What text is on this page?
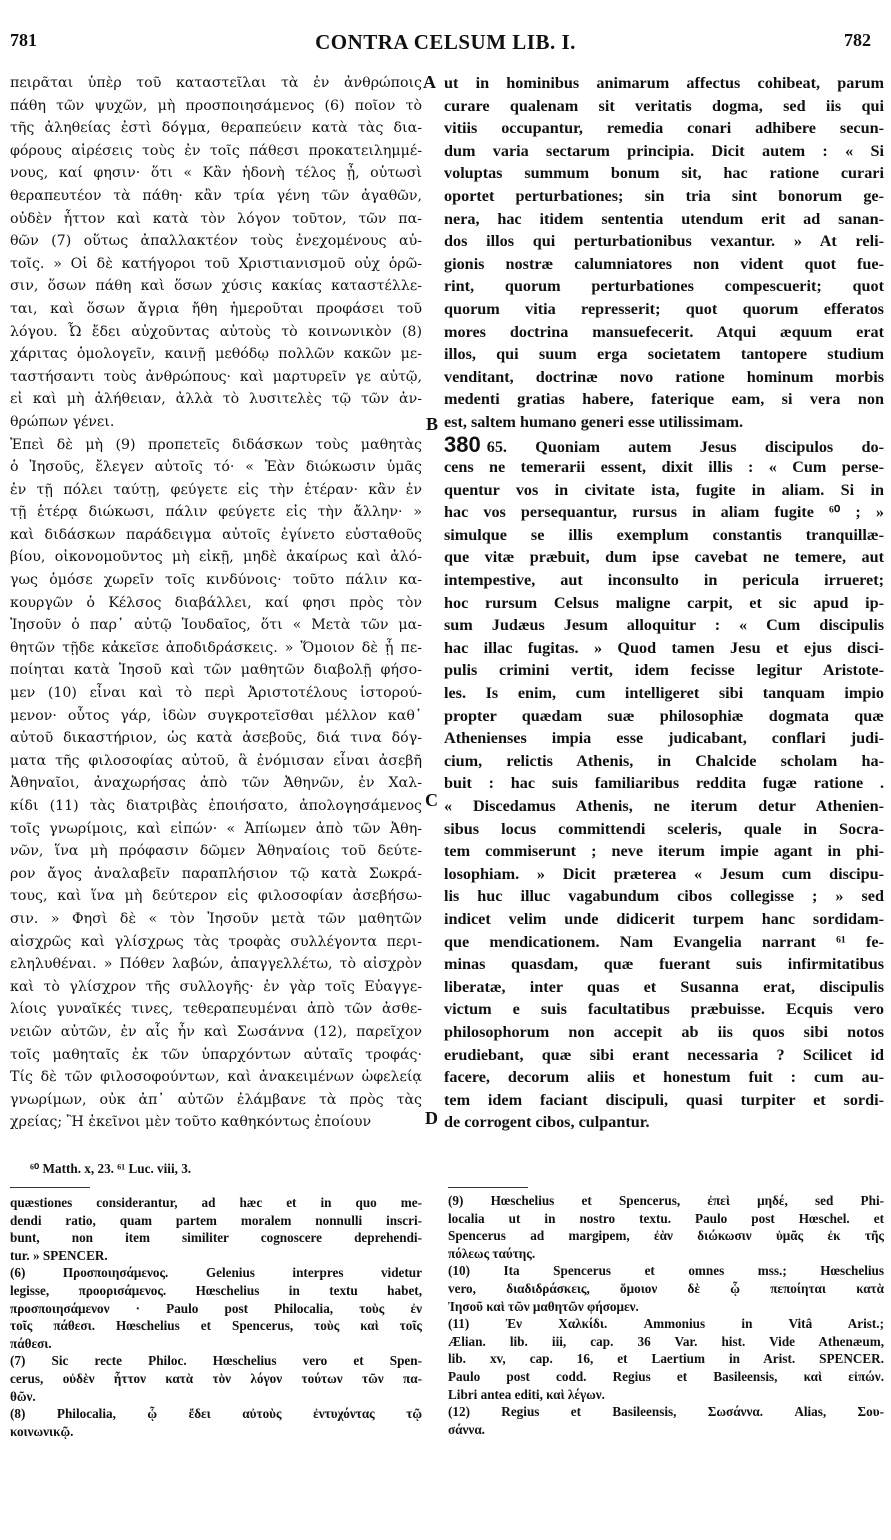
781	CONTRA CELSUM LIB. I.	782
πειρᾶται ὑπὲρ τοῦ καταστεῖλαι τὰ ἐν ἀνθρώποις
πάθη τῶν ψυχῶν, μὴ προσποιησάμενος (6) ποῖον τὸ
τῆς ἀληθείας ἐστὶ δόγμα, θεραπεύειν κατὰ τὰς δια-
φόρους αἱρέσεις τοὺς ἐν τοῖς πάθεσι προκατειλημμέ-
νους, καί φησιν· ὅτι « Κἂν ἡδονὴ τέλος ᾖ, οὑτωσὶ
θεραπευτέον τὰ πάθη· κἂν τρία γένη τῶν ἀγαθῶν,
οὐδὲν ἧττον καὶ κατὰ τὸν λόγον τοῦτον, τῶν πα-
θῶν (7) οὕτως ἀπαλλακτέον τοὺς ἐνεχομένους αὐ-
τοῖς. » Οἱ δὲ κατήγοροι τοῦ Χριστιανισμοῦ οὐχ ὁρῶ-
σιν, ὅσων πάθη καὶ ὅσων χύσις κακίας καταστέλλε-
ται, καὶ ὅσων ἄγρια ἤθη ἡμεροῦται προφάσει τοῦ
λόγου. Ὦ ἔδει αὐχοῦντας αὐτοὺς τὸ κοινωνικὸν (8)
χάριτας ὁμολογεῖν, καινῇ μεθόδῳ πολλῶν κακῶν με-
ταστήσαντι τοὺς ἀνθρώπους· καὶ μαρτυρεῖν γε αὐτῷ,
εἰ καὶ μὴ ἀλήθειαν, ἀλλὰ τὸ λυσιτελὲς τῷ τῶν ἀν-
θρώπων γένει.
Ἐπεὶ δὲ μὴ (9) προπετεῖς διδάσκων τοὺς μαθητὰς
ὁ Ἰησοῦς, ἔλεγεν αὐτοῖς τό· « Ἐὰν διώκωσιν ὑμᾶς
ἐν τῇ πόλει ταύτῃ, φεύγετε εἰς τὴν ἑτέραν· κἂν ἐν
τῇ ἑτέρᾳ διώκωσι, πάλιν φεύγετε εἰς τὴν ἄλλην· »
καὶ διδάσκων παράδειγμα αὐτοῖς ἐγίνετο εὐσταθοῦς
βίου, οἰκονομοῦντος μὴ εἰκῇ, μηδὲ ἀκαίρως καὶ ἀλό-
γως ὁμόσε χωρεῖν τοῖς κινδύνοις· τοῦτο πάλιν κα-
κουργῶν ὁ Κέλσος διαβάλλει, καί φησι πρὸς τὸν
Ἰησοῦν ὁ παρ᾽ αὐτῷ Ἰουδαῖος, ὅτι « Μετὰ τῶν μα-
θητῶν τῇδε κἀκεῖσε ἀποδιδράσκεις. » Ὅμοιον δὲ ᾗ πε-
ποίηται κατὰ Ἰησοῦ καὶ τῶν μαθητῶν διαβολῇ φήσο-
μεν (10) εἶναι καὶ τὸ περὶ Ἀριστοτέλους ἱστορού-
μενον· οὗτος γάρ, ἰδὼν συγκροτεῖσθαι μέλλον καθ᾽
αὐτοῦ δικαστήριον, ὡς κατὰ ἀσεβοῦς, διά τινα δόγ-
ματα τῆς φιλοσοφίας αὐτοῦ, ἃ ἐνόμισαν εἶναι ἀσεβῆ
Ἀθηναῖοι, ἀναχωρήσας ἀπὸ τῶν Ἀθηνῶν, ἐν Χαλ-
κίδι (11) τὰς διατριβὰς ἐποιήσατο, ἀπολογησάμενος
τοῖς γνωρίμοις, καὶ εἰπών· « Ἀπίωμεν ἀπὸ τῶν Ἀθη-
νῶν, ἵνα μὴ πρόφασιν δῶμεν Ἀθηναίοις τοῦ δεύτε-
ρον ἄγος ἀναλαβεῖν παραπλήσιον τῷ κατὰ Σωκρά-
τους, καὶ ἵνα μὴ δεύτερον εἰς φιλοσοφίαν ἀσεβήσω-
σιν. » Φησὶ δὲ « τὸν Ἰησοῦν μετὰ τῶν μαθητῶν
αἰσχρῶς καὶ γλίσχρως τὰς τροφὰς συλλέγοντα περι-
εληλυθέναι. » Πόθεν λαβών, ἀπαγγελλέτω, τὸ αἰσχρὸν
καὶ τὸ γλίσχρον τῆς συλλογῆς· ἐν γὰρ τοῖς Εὐαγγε-
λίοις γυναῖκές τινες, τεθεραπευμέναι ἀπὸ τῶν ἀσθε-
νειῶν αὐτῶν, ἐν αἷς ἦν καὶ Σωσάννα (12), παρεῖχον
τοῖς μαθηταῖς ἐκ τῶν ὑπαρχόντων αὐταῖς τροφάς·
Τίς δὲ τῶν φιλοσοφούντων, καὶ ἀνακειμένων ὠφελείᾳ
γνωρίμων, οὐκ ἀπ᾽ αὐτῶν ἐλάμβανε τὰ πρὸς τὰς
χρείας; Ἢ ἐκεῖνοι μὲν τοῦτο καθηκόντως ἐποίουν
A
B
C
D
ut in hominibus animarum affectus cohibeat, parum
curare qualenam sit veritatis dogma, sed iis qui
vitiis occupantur, remedia conari adhibere secun-
dum varia sectarum principia. Dicit autem : « Si
voluptas summum bonum sit, hac ratione curari
oportet perturbationes; sin tria sint bonorum ge-
nera, hac itidem sententia utendum erit ad sanan-
dos illos qui perturbationibus vexantur. » At reli-
gionis nostræ calumniatores non vident quot fue-
rint, quorum perturbationes compescuerit; quot
quorum vitia represserit; quot quorum efferatos
mores doctrina mansuefecerit. Atqui æquum erat
illos, qui suum erga societatem tantopere studium
venditant, doctrinæ novo ratione hominum morbis
medenti gratias habere, faterique eam, si vera non
est, saltem humano generi esse utilissimam.
380 65. Quoniam autem Jesus discipulos do-
cens ne temerarii essent, dixit illis : « Cum perse-
quentur vos in civitate ista, fugite in aliam. Si in
hac vos persequantur, rursus in aliam fugite ⁶⁰ ; »
simulque se illis exemplum constantis tranquillæ-
que vitæ præbuit, dum ipse cavebat ne temere, aut
intempestive, aut inconsulto in pericula irrueret;
hoc rursum Celsus maligne carpit, et sic apud ip-
sum Judæus Jesum alloquitur : « Cum discipulis
hac illac fugitas. » Quod tamen Jesu et ejus disci-
pulis crimini vertit, idem fecisse legitur Aristote-
les. Is enim, cum intelligeret sibi tanquam impio
propter quædam suæ philosophiæ dogmata quæ
Athenienses impia esse judicabant, conflari judi-
cium, relictis Athenis, in Chalcide scholam ha-
buit : hac suis familiaribus reddita fugæ ratione .
« Discedamus Athenis, ne iterum detur Athenien-
sibus locus committendi sceleris, quale in Socra-
tem commiserunt ; neve iterum impie agant in phi-
losophiam. » Dicit præterea « Jesum cum discipu-
lis huc illuc vagabundum cibos collegisse ; » sed
indicet velim unde didicerit turpem hanc sordidam-
que mendicationem. Nam Evangelia narrant ⁶¹ fe-
minas quasdam, quæ fuerant suis infirmitatibus
liberatæ, inter quas et Susanna erat, discipulis
victum e suis facultatibus præbuisse. Ecquis vero
philosophorum non accepit ab iis quos sibi notos
erudiebant, quæ sibi erant necessaria ? Scilicet id
facere, decorum aliis et honestum fuit : cum au-
tem idem faciant discipuli, quasi turpiter et sordi-
de corrogent cibos, culpantur.
⁶⁰ Matth. x, 23. ⁶¹ Luc. viii, 3.
quæstiones considerantur, ad hæc et in quo me-
dendi ratio, quam partem moralem nonnulli inscri-
bunt, non item similiter cognoscere deprehendi-
tur. » SPENCER.
(6) Προσποιησάμενος. Gelenius interpres videtur
legisse, προορισάμενος. Hœschelius in textu habet,
προσποιησάμενον · Paulo post Philocalia, τοὺς ἐν
τοῖς πάθεσι. Hœschelius et Spencerus, τοὺς καὶ τοῖς
πάθεσι.
(7) Sic recte Philoc. Hœschelius vero et Spen-
cerus, οὐδὲν ἧττον κατὰ τὸν λόγον τούτων τῶν πα-
θῶν.
(8) Philocalia, ᾧ ἔδει αὐτοὺς ἐντυχόντας τῷ
κοινωνικῷ.
(9) Hœschelius et Spencerus, ἐπεὶ μηδέ, sed Phi-
localia ut in nostro textu. Paulo post Hœschel. et
Spencerus ad margipem, ἐὰν διώκωσιν ὑμᾶς ἐκ τῆς
πόλεως ταύτης.
(10) Ita Spencerus et omnes mss.; Hœschelius
vero, διαδιδράσκεις, ὅμοιον δὲ ᾧ πεποίηται κατὰ
Ἰησοῦ καὶ τῶν μαθητῶν φήσομεν.
(11) Ἐν Χαλκίδι. Ammonius in Vitâ Arist.;
Ælian. lib. iii, cap. 36 Var. hist. Vide Athenæum,
lib. xv, cap. 16, et Laertium in Arist. SPENCER.
Paulo post codd. Regius et Basileensis, καὶ εἰπών.
Libri antea editi, καὶ λέγων.
(12) Regius et Basileensis, Σωσάννα. Alias, Σου-
σάννα.
